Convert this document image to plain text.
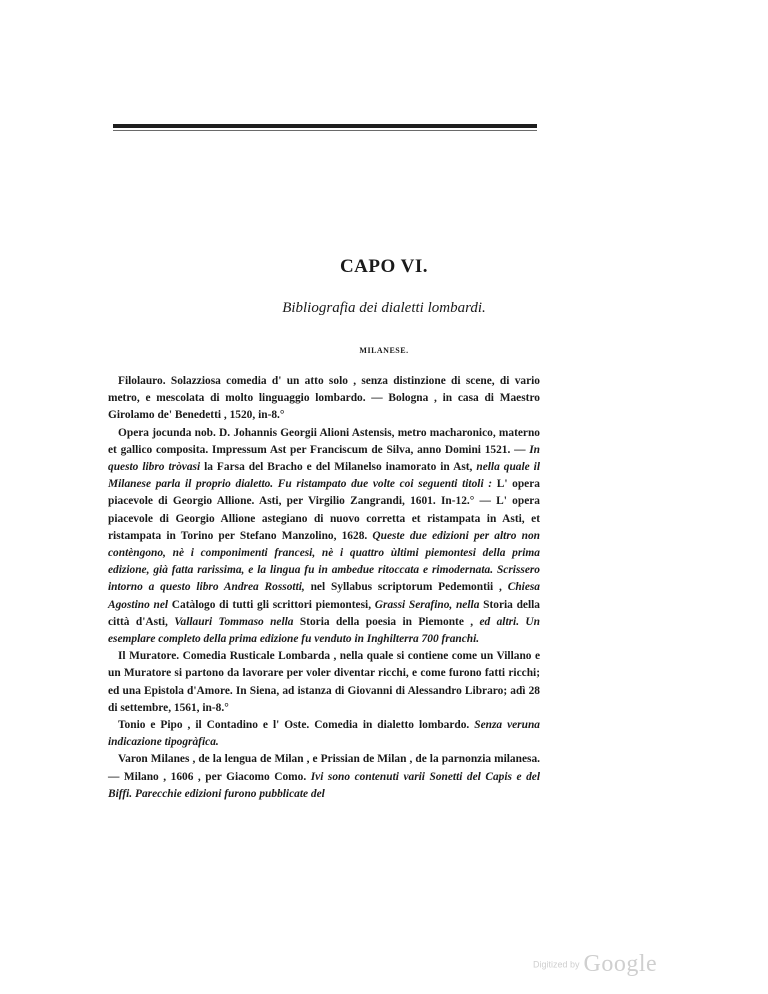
CAPO VI.
Bibliografia dei dialetti lombardi.
MILANESE.

Filolauro. Solazziosa comedia d' un atto solo , senza distinzione di scene, di vario metro, e mescolata di molto linguaggio lombardo. — Bologna , in casa di Maestro Girolamo de' Benedetti , 1520, in-8.°

Opera jocunda nob. D. Johannis Georgii Alioni Astensis, metro macharonico, materno et gallico composita. Impressum Ast per Franciscum de Silva, anno Domini 1521. — In questo libro tròvasi la Farsa del Bracho e del Milanelso inamorato in Ast, nella quale il Milanese parla il proprio dialetto. Fu ristampato due volte coi seguenti titoli : L' opera piacevole di Georgio Allione. Asti, per Virgilio Zangrandi, 1601. In-12.° — L' opera piacevole di Georgio Allione astegiano di nuovo corretta et ristampata in Asti, et ristampata in Torino per Stefano Manzolino, 1628. Queste due edizioni per altro non contèngono, nè i componimenti francesi, nè i quattro ùltimi piemontesi della prima edizione, già fatta rarissima, e la lingua fu in ambedue ritoccata e rimodernata. Scrissero intorno a questo libro Andrea Rossotti, nel Syllabus scriptorum Pedemontii , Chiesa Agostino nel Catàlogo di tutti gli scrittori piemontesi, Grassi Serafino, nella Storia della città d'Asti, Vallauri Tommaso nella Storia della poesia in Piemonte , ed altri. Un esemplare completo della prima edizione fu venduto in Inghilterra 700 franchi.

Il Muratore. Comedia Rusticale Lombarda , nella quale si contiene come un Villano e un Muratore si partono da lavorare per voler diventar ricchi, e come furono fatti ricchi; ed una Epistola d'Amore. In Siena, ad istanza di Giovanni di Alessandro Libraro; adì 28 di settembre, 1561, in-8.°

Tonio e Pipo , il Contadino e l' Oste. Comedia in dialetto lombardo. Senza veruna indicazione tipogràfica.

Varon Milanes , de la lengua de Milan , e Prissian de Milan , de la parnonzia milanesa. — Milano , 1606 , per Giacomo Como. Ivi sono contenuti varii Sonetti del Capis e del Biffi. Parecchie edizioni furono pubblicate del

Digitized by Google
